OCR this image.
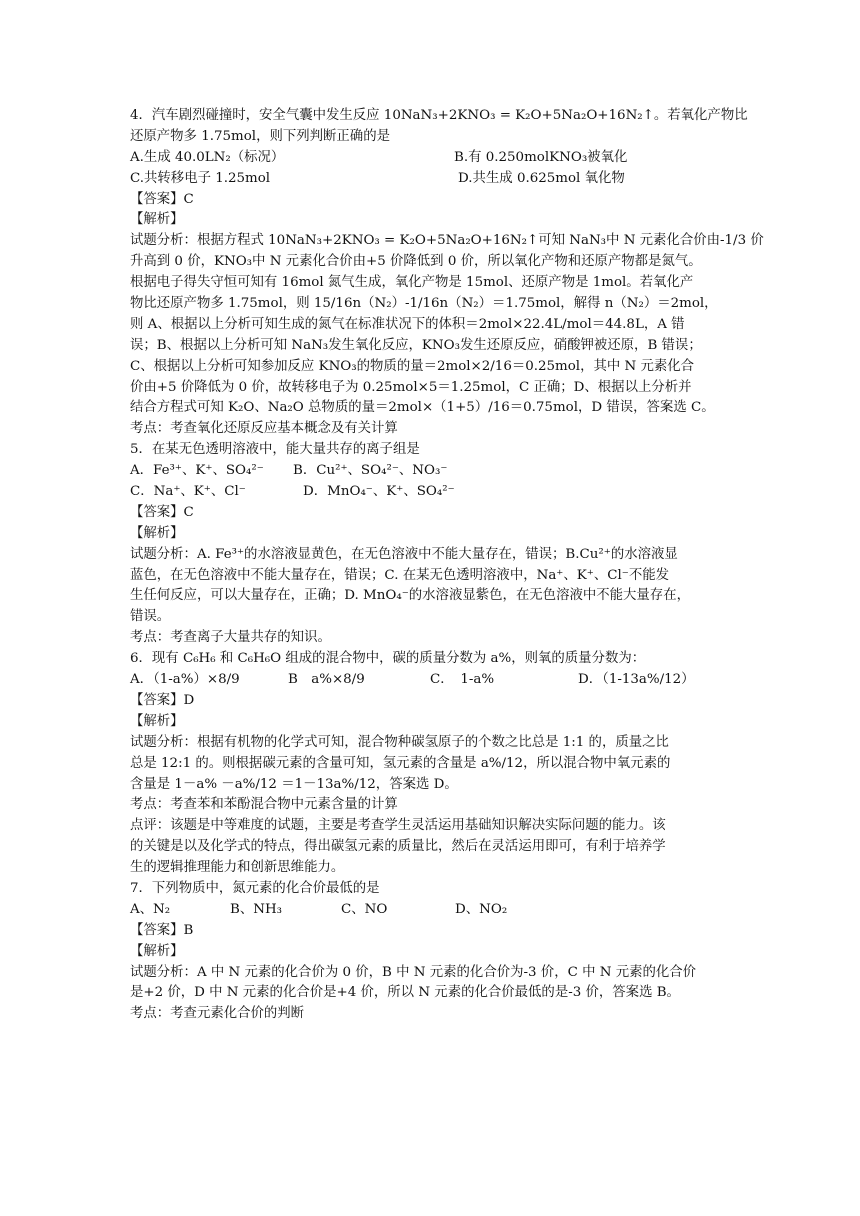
4．汽车剧烈碰撞时，安全气囊中发生反应 10NaN₃+2KNO₃ = K₂O+5Na₂O+16N₂↑。若氧化产物比
还原产物多 1.75mol，则下列判断正确的是
A.生成 40.0LN₂（标况）	B.有 0.250molKNO₃被氧化
C.共转移电子 1.25mol	D.共生成 0.625mol 氧化物
【答案】C
【解析】
试题分析：根据方程式 10NaN₃+2KNO₃ = K₂O+5Na₂O+16N₂↑可知 NaN₃中 N 元素化合价由-1/3 价
升高到 0 价，KNO₃中 N 元素化合价由+5 价降低到 0 价，所以氧化产物和还原产物都是氮气。
根据电子得失守恒可知有 16mol 氮气生成，氧化产物是 15mol、还原产物是 1mol。若氧化产
物比还原产物多 1.75mol，则 15/16n（N₂）-1/16n（N₂）＝1.75mol，解得 n（N₂）＝2mol，
则 A、根据以上分析可知生成的氮气在标准状况下的体积＝2mol×22.4L/mol＝44.8L，A 错
误；B、根据以上分析可知 NaN₃发生氧化反应，KNO₃发生还原反应，硝酸钾被还原，B 错误；
C、根据以上分析可知参加反应 KNO₃的物质的量＝2mol×2/16＝0.25mol，其中 N 元素化合
价由+5 价降低为 0 价，故转移电子为 0.25mol×5＝1.25mol，C 正确；D、根据以上分析并
结合方程式可知 K₂O、Na₂O 总物质的量＝2mol×（1+5）/16＝0.75mol，D 错误，答案选 C。
考点：考查氧化还原反应基本概念及有关计算
5．在某无色透明溶液中，能大量共存的离子组是
A．Fe³⁺、K⁺、SO₄²⁻	B．Cu²⁺、SO₄²⁻、NO₃⁻
C．Na⁺、K⁺、Cl⁻	D．MnO₄⁻、K⁺、SO₄²⁻
【答案】C
【解析】
试题分析：A. Fe³⁺的水溶液显黄色，在无色溶液中不能大量存在，错误；B.Cu²⁺的水溶液显
蓝色，在无色溶液中不能大量存在，错误；C. 在某无色透明溶液中，Na⁺、K⁺、Cl⁻不能发
生任何反应，可以大量存在，正确；D. MnO₄⁻的水溶液显紫色，在无色溶液中不能大量存在，
错误。
考点：考查离子大量共存的知识。
6．现有 C₆H₆ 和 C₆H₆O 组成的混合物中，碳的质量分数为 a%，则氧的质量分数为：
A．（1-a%）×8/9	B　a%×8/9	C．　1-a%	D．（1-13a%/12）
【答案】D
【解析】
试题分析：根据有机物的化学式可知，混合物种碳氢原子的个数之比总是 1:1 的，质量之比
总是 12:1 的。则根据碳元素的含量可知，氢元素的含量是 a%/12，所以混合物中氧元素的
含量是 1－a% －a%/12 ＝1－13a%/12，答案选 D。
考点：考查苯和苯酚混合物中元素含量的计算
点评：该题是中等难度的试题，主要是考查学生灵活运用基础知识解决实际问题的能力。该
的关键是以及化学式的特点，得出碳氢元素的质量比，然后在灵活运用即可，有利于培养学
生的逻辑推理能力和创新思维能力。
7．下列物质中，氮元素的化合价最低的是
A、N₂	B、NH₃	C、NO	D、NO₂
【答案】B
【解析】
试题分析：A 中 N 元素的化合价为 0 价，B 中 N 元素的化合价为-3 价，C 中 N 元素的化合价
是+2 价，D 中 N 元素的化合价是+4 价，所以 N 元素的化合价最低的是-3 价，答案选 B。
考点：考查元素化合价的判断
